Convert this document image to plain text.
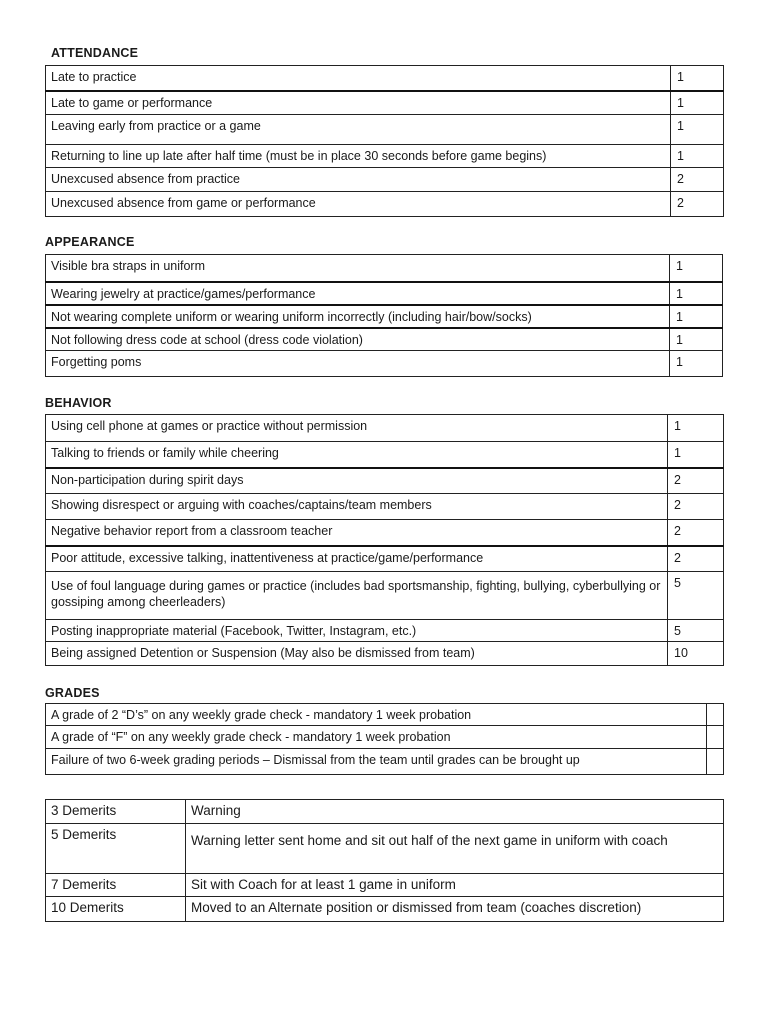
ATTENDANCE
Late to practice	1
Late to game or performance	1
Leaving early from practice or a game	1
Returning to line up late after half time (must be in place 30 seconds before game begins)	1
Unexcused absence from practice	2
Unexcused absence from game or performance	2
APPEARANCE
Visible bra straps in uniform	1
Wearing jewelry at practice/games/performance	1
Not wearing complete uniform or wearing uniform incorrectly (including hair/bow/socks)	1
Not following dress code at school (dress code violation)	1
Forgetting poms	1
BEHAVIOR
Using cell phone at games or practice without permission	1
Talking to friends or family while cheering	1
Non-participation during spirit days	2
Showing disrespect or arguing with coaches/captains/team members	2
Negative behavior report from a classroom teacher	2
Poor attitude, excessive talking, inattentiveness at practice/game/performance	2
Use of foul language during games or practice (includes bad sportsmanship, fighting, bullying, cyberbullying or gossiping among cheerleaders)	5
Posting inappropriate material (Facebook, Twitter, Instagram, etc.)	5
Being assigned Detention or Suspension (May also be dismissed from team)	10
GRADES
A grade of 2 “D’s” on any weekly grade check - mandatory 1 week probation	
A grade of “F” on any weekly grade check - mandatory 1 week probation	
Failure of two 6-week grading periods – Dismissal from the team until grades can be brought up	
3 Demerits	Warning
5 Demerits	Warning letter sent home and sit out half of the next game in uniform with coach
7 Demerits	Sit with Coach for at least 1 game in uniform
10 Demerits	Moved to an Alternate position or dismissed from team (coaches discretion)
